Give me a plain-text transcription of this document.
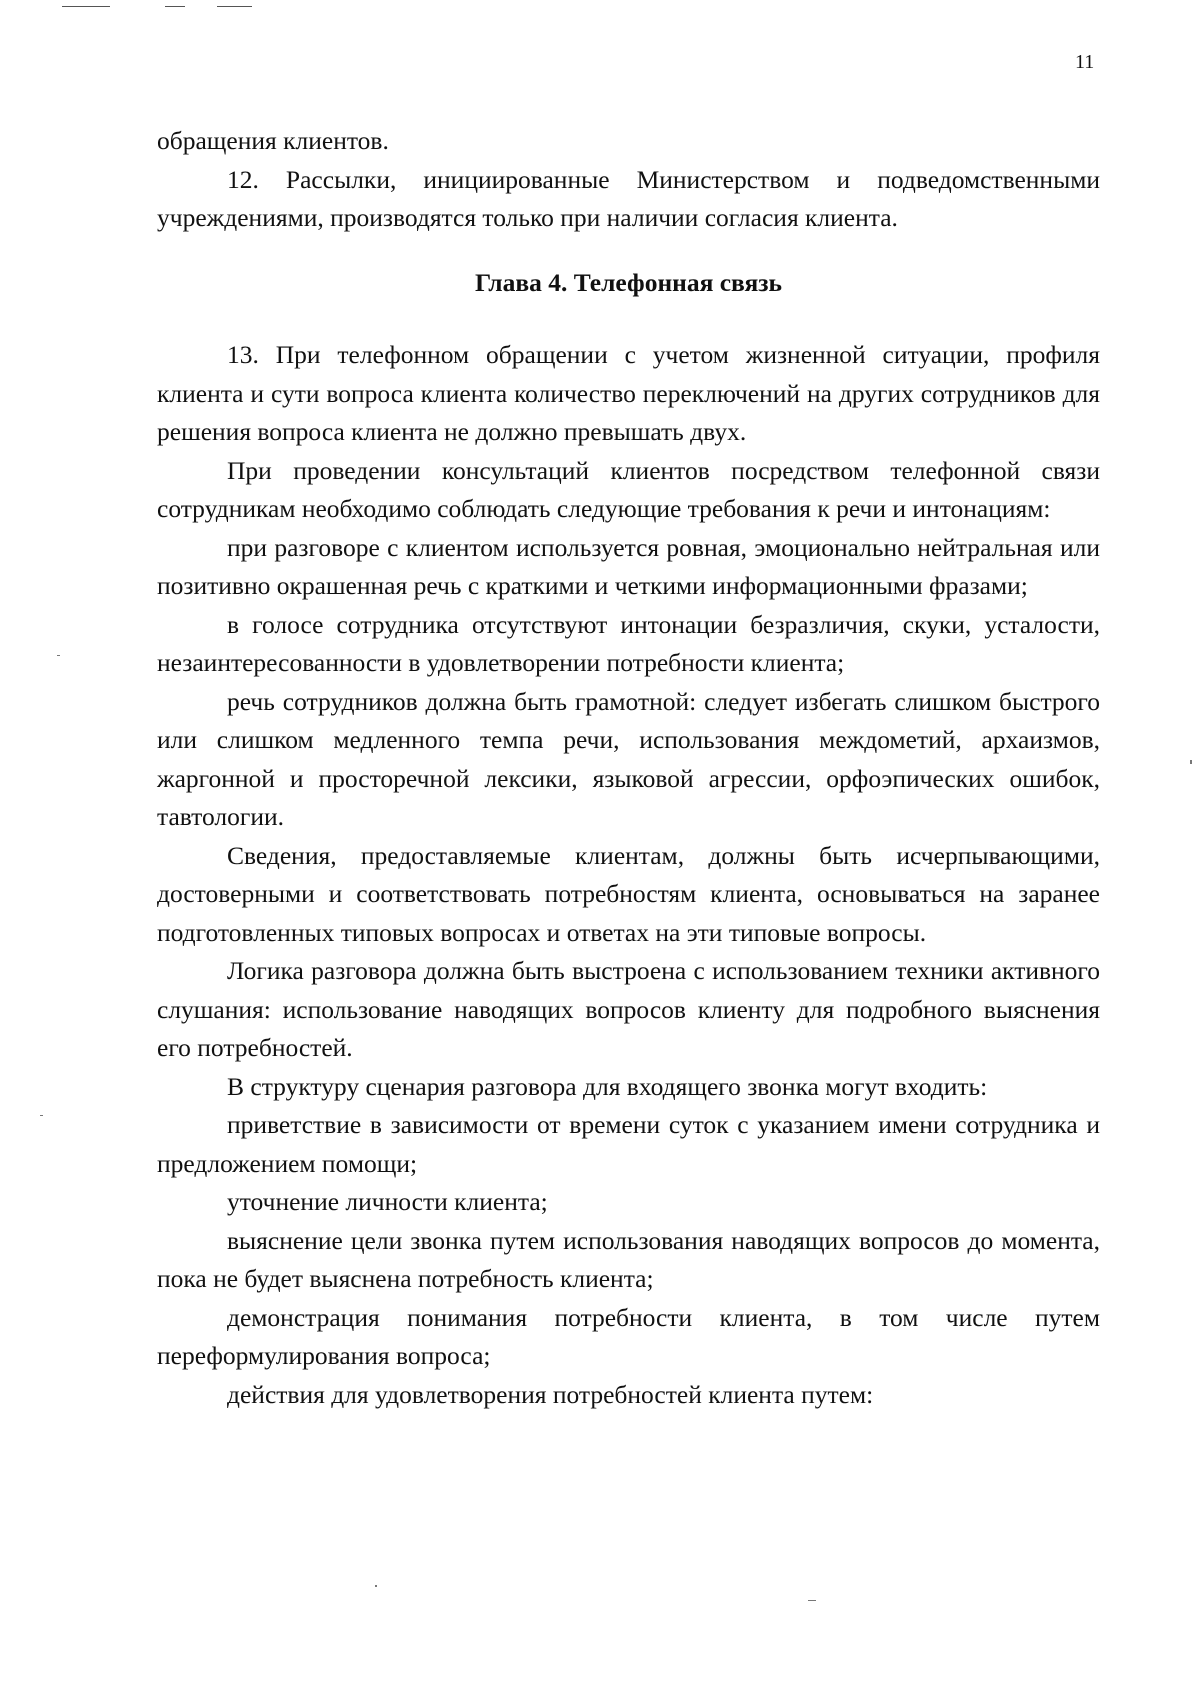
11

обращения клиентов.

12. Рассылки, инициированные Министерством и подведомственными учреждениями, производятся только при наличии согласия клиента.

Глава 4. Телефонная связь

13. При телефонном обращении с учетом жизненной ситуации, профиля клиента и сути вопроса клиента количество переключений на других сотрудников для решения вопроса клиента не должно превышать двух.

При проведении консультаций клиентов посредством телефонной связи сотрудникам необходимо соблюдать следующие требования к речи и интонациям:

при разговоре с клиентом используется ровная, эмоционально нейтральная или позитивно окрашенная речь с краткими и четкими информационными фразами;

в голосе сотрудника отсутствуют интонации безразличия, скуки, усталости, незаинтересованности в удовлетворении потребности клиента;

речь сотрудников должна быть грамотной: следует избегать слишком быстрого или слишком медленного темпа речи, использования междометий, архаизмов, жаргонной и просторечной лексики, языковой агрессии, орфоэпических ошибок, тавтологии.

Сведения, предоставляемые клиентам, должны быть исчерпывающими, достоверными и соответствовать потребностям клиента, основываться на заранее подготовленных типовых вопросах и ответах на эти типовые вопросы.

Логика разговора должна быть выстроена с использованием техники активного слушания: использование наводящих вопросов клиенту для подробного выяснения его потребностей.

В структуру сценария разговора для входящего звонка могут входить:

приветствие в зависимости от времени суток с указанием имени сотрудника и предложением помощи;

уточнение личности клиента;

выяснение цели звонка путем использования наводящих вопросов до момента, пока не будет выяснена потребность клиента;

демонстрация понимания потребности клиента, в том числе путем переформулирования вопроса;

действия для удовлетворения потребностей клиента путем:
